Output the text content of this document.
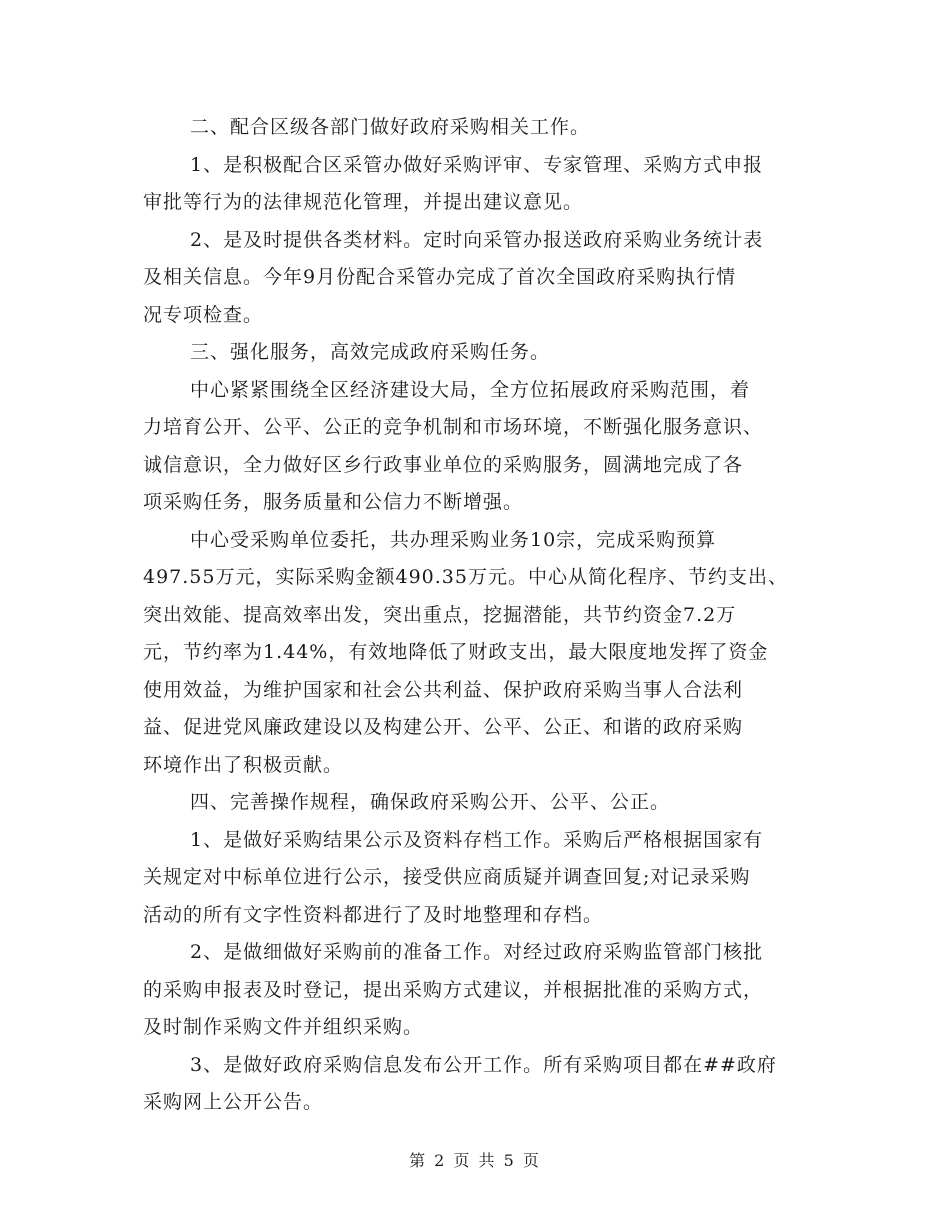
二、配合区级各部门做好政府采购相关工作。
1、是积极配合区采管办做好采购评审、专家管理、采购方式申报
审批等行为的法律规范化管理，并提出建议意见。
2、是及时提供各类材料。定时向采管办报送政府采购业务统计表
及相关信息。今年9月份配合采管办完成了首次全国政府采购执行情
况专项检查。
三、强化服务，高效完成政府采购任务。
中心紧紧围绕全区经济建设大局，全方位拓展政府采购范围，着
力培育公开、公平、公正的竞争机制和市场环境，不断强化服务意识、
诚信意识，全力做好区乡行政事业单位的采购服务，圆满地完成了各
项采购任务，服务质量和公信力不断增强。
中心受采购单位委托，共办理采购业务10宗，完成采购预算
497.55万元，实际采购金额490.35万元。中心从简化程序、节约支出、
突出效能、提高效率出发，突出重点，挖掘潜能，共节约资金7.2万
元，节约率为1.44%，有效地降低了财政支出，最大限度地发挥了资金
使用效益，为维护国家和社会公共利益、保护政府采购当事人合法利
益、促进党风廉政建设以及构建公开、公平、公正、和谐的政府采购
环境作出了积极贡献。
四、完善操作规程，确保政府采购公开、公平、公正。
1、是做好采购结果公示及资料存档工作。采购后严格根据国家有
关规定对中标单位进行公示，接受供应商质疑并调查回复;对记录采购
活动的所有文字性资料都进行了及时地整理和存档。
2、是做细做好采购前的准备工作。对经过政府采购监管部门核批
的采购申报表及时登记，提出采购方式建议，并根据批准的采购方式，
及时制作采购文件并组织采购。
3、是做好政府采购信息发布公开工作。所有采购项目都在##政府
采购网上公开公告。
第 2 页 共 5 页
